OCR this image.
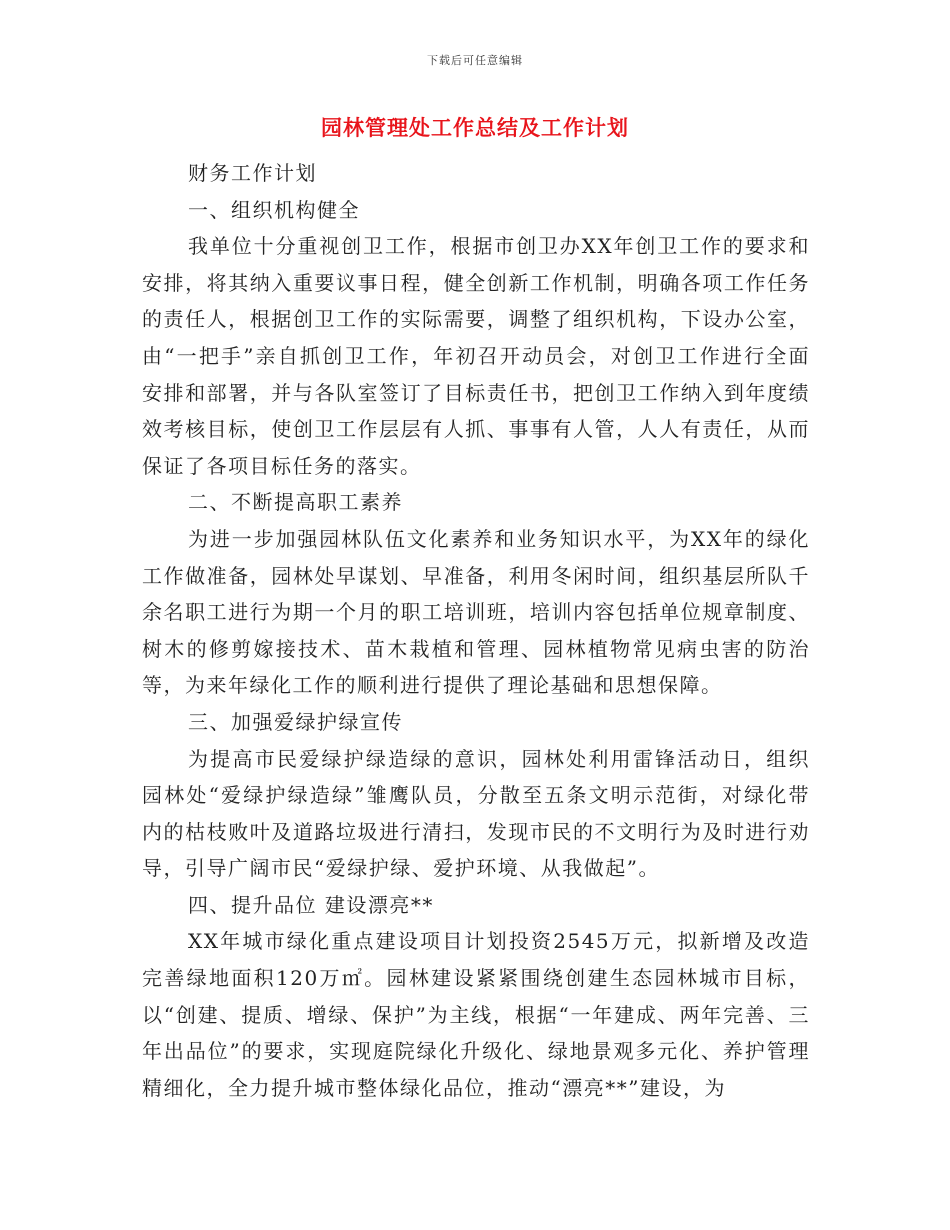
下载后可任意编辑
园林管理处工作总结及工作计划

财务工作计划

一、组织机构健全

我单位十分重视创卫工作，根据市创卫办XX年创卫工作的要求和安排，将其纳入重要议事日程，健全创新工作机制，明确各项工作任务的责任人，根据创卫工作的实际需要，调整了组织机构，下设办公室，由“一把手”亲自抓创卫工作，年初召开动员会，对创卫工作进行全面安排和部署，并与各队室签订了目标责任书，把创卫工作纳入到年度绩效考核目标，使创卫工作层层有人抓、事事有人管，人人有责任，从而保证了各项目标任务的落实。

二、不断提高职工素养

为进一步加强园林队伍文化素养和业务知识水平，为XX年的绿化工作做准备，园林处早谋划、早准备，利用冬闲时间，组织基层所队千余名职工进行为期一个月的职工培训班，培训内容包括单位规章制度、树木的修剪嫁接技术、苗木栽植和管理、园林植物常见病虫害的防治等，为来年绿化工作的顺利进行提供了理论基础和思想保障。

三、加强爱绿护绿宣传

为提高市民爱绿护绿造绿的意识，园林处利用雷锋活动日，组织园林处“爱绿护绿造绿”雏鹰队员，分散至五条文明示范街，对绿化带内的枯枝败叶及道路垃圾进行清扫，发现市民的不文明行为及时进行劝导，引导广阔市民“爱绿护绿、爱护环境、从我做起”。

四、提升品位 建设漂亮**

XX年城市绿化重点建设项目计划投资2545万元，拟新增及改造完善绿地面积120万㎡。园林建设紧紧围绕创建生态园林城市目标，以“创建、提质、增绿、保护”为主线，根据“一年建成、两年完善、三年出品位”的要求，实现庭院绿化升级化、绿地景观多元化、养护管理精细化，全力提升城市整体绿化品位，推动“漂亮**”建设，为
